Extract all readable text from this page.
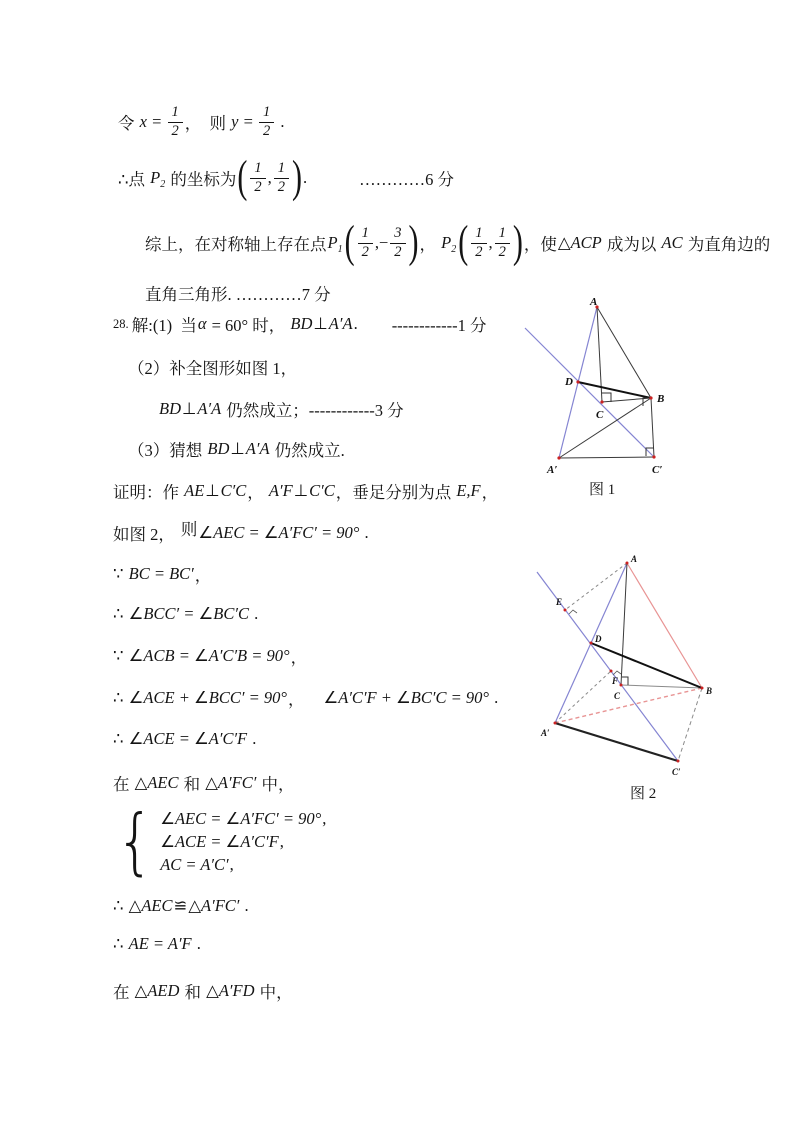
令 $x = \frac{1}{2}$ ，  则 $y = \frac{1}{2}$ .
∴点 $P_2$ 的坐标为 ( $\frac{1}{2}$ , $\frac{1}{2}$ ) .	…………6 分
综上，在对称轴上存在点 $P_1$ ( $\frac{1}{2}$ ,− $\frac{3}{2}$ ) ， $P_2$ ( $\frac{1}{2}$ , $\frac{1}{2}$ ) ，使 △ACP 成为以 AC 为直角边的
直角三角形. …………7 分
28. 解:(1)  当 α = 60° 时， BD ⊥ A′A . ------------1 分
（2）补全图形如图 1，
BD ⊥ A′A 仍然成立；------------3 分
（3）猜想 BD ⊥ A′A 仍然成立.
证明：作 AE ⊥ C′C ， A′F ⊥ C′C ，垂足分别为点 E,F ，
如图 2， 则 ∠AEC = ∠A′FC′ = 90° .
∵ BC = BC′ ，
∴ ∠BCC′ = ∠BC′C .
∵ ∠ACB = ∠A′C′B = 90° ，
∴ ∠ACE + ∠BCC′ = 90° ， ∠A′C′F + ∠BC′C = 90° .
∴ ∠ACE = ∠A′C′F .
在 △AEC 和 △A′FC′ 中，
{ ∠AEC = ∠A′FC′ = 90° ,
∠ACE = ∠A′C′F ,
AC = A′C′ ,
∴ △AEC ≌ △A′FC′ .
∴ AE = A′F .
在 △AED 和 △A′FD 中，
A
D
C
B
A′	C′
图 1
A
E
D
F
C	B
A′
C′
图 2
